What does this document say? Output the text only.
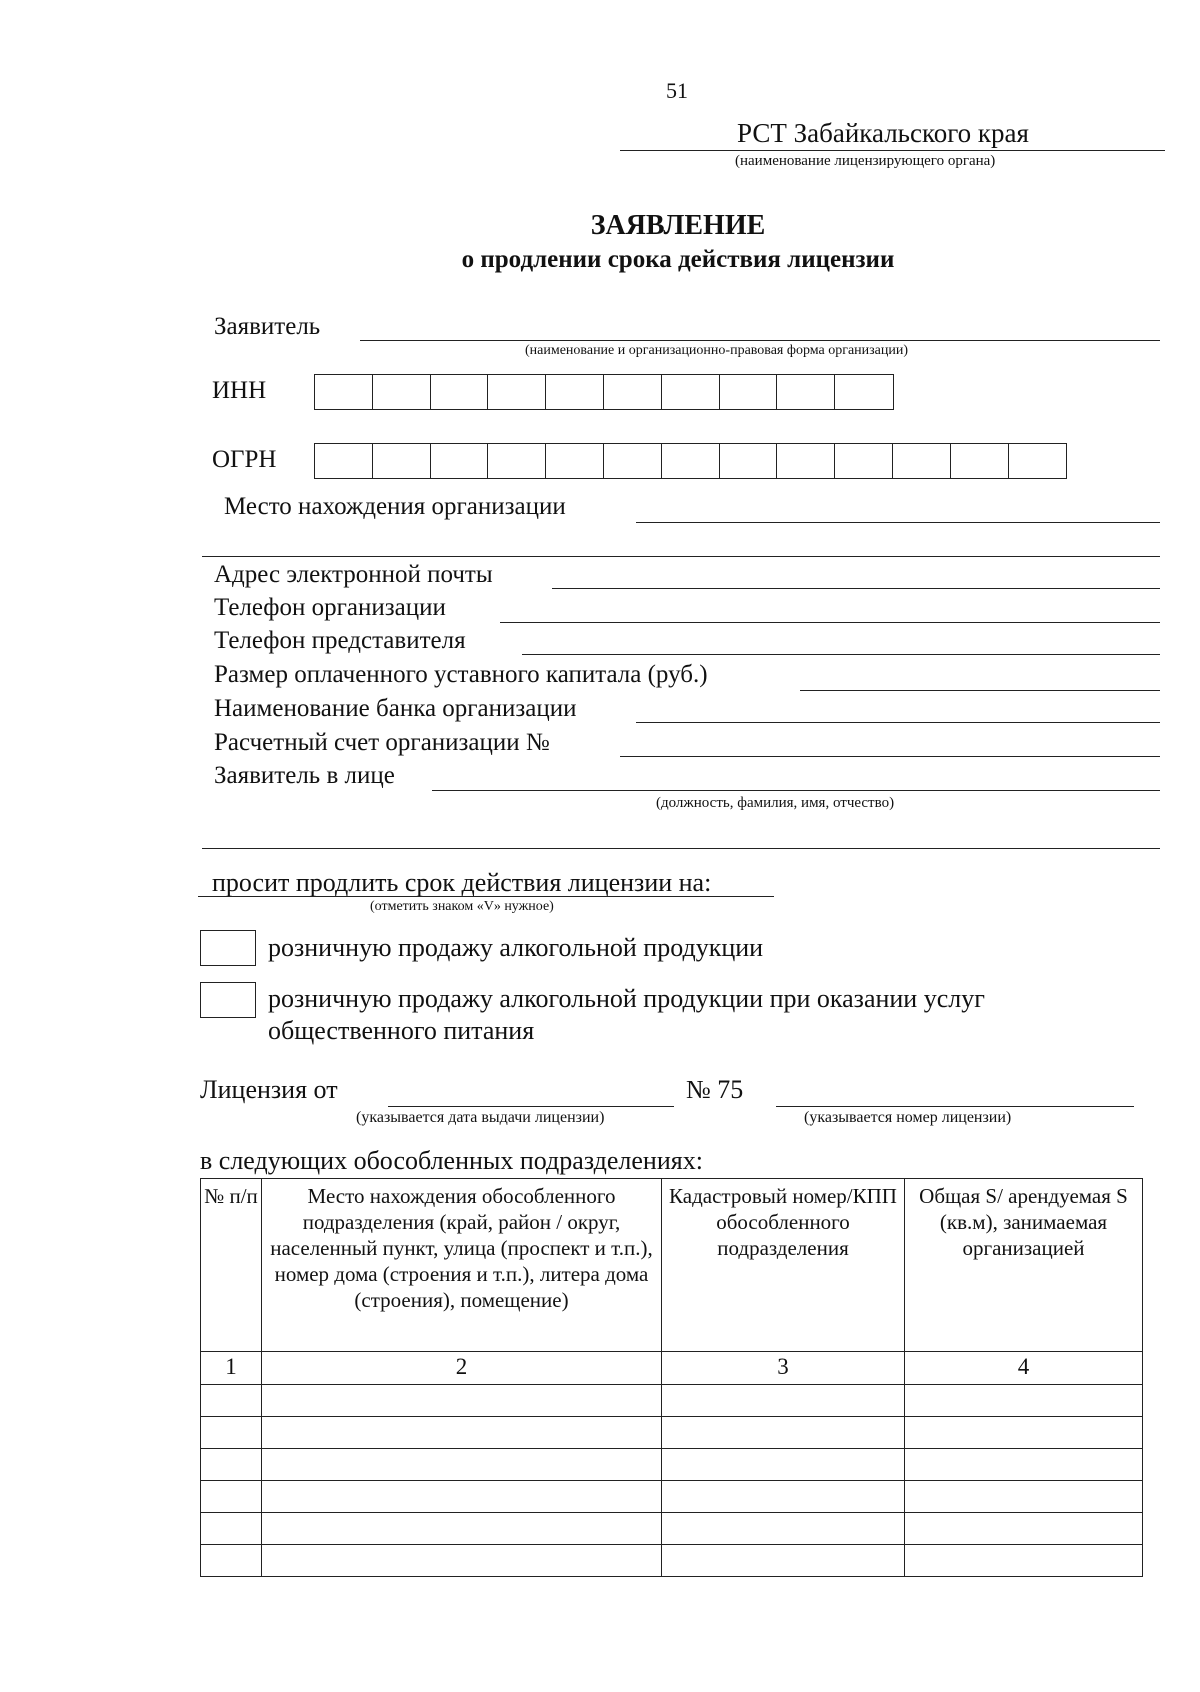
51
РСТ Забайкальского края
(наименование лицензирующего органа)
ЗАЯВЛЕНИЕ
о продлении срока действия лицензии
Заявитель
(наименование и организационно-правовая форма организации)
ИНН
ОГРН
Место нахождения организации
Адрес электронной почты
Телефон организации
Телефон представителя
Размер оплаченного уставного капитала (руб.)
Наименование банка организации
Расчетный счет организации №
Заявитель в лице
(должность, фамилия, имя, отчество)
просит продлить срок действия лицензии на:
(отметить знаком «V» нужное)
розничную продажу алкогольной продукции
розничную продажу алкогольной продукции при оказании услуг
общественного питания
Лицензия от	№ 75
(указывается дата выдачи лицензии)	(указывается номер лицензии)
в следующих обособленных подразделениях:
№ п/п	Место нахождения обособленного подразделения (край, район / округ, населенный пункт, улица (проспект и т.п.), номер дома (строения и т.п.), литера дома (строения), помещение)	Кадастровый номер/КПП обособленного подразделения	Общая S/ арендуемая S (кв.м), занимаемая организацией
1	2	3	4
